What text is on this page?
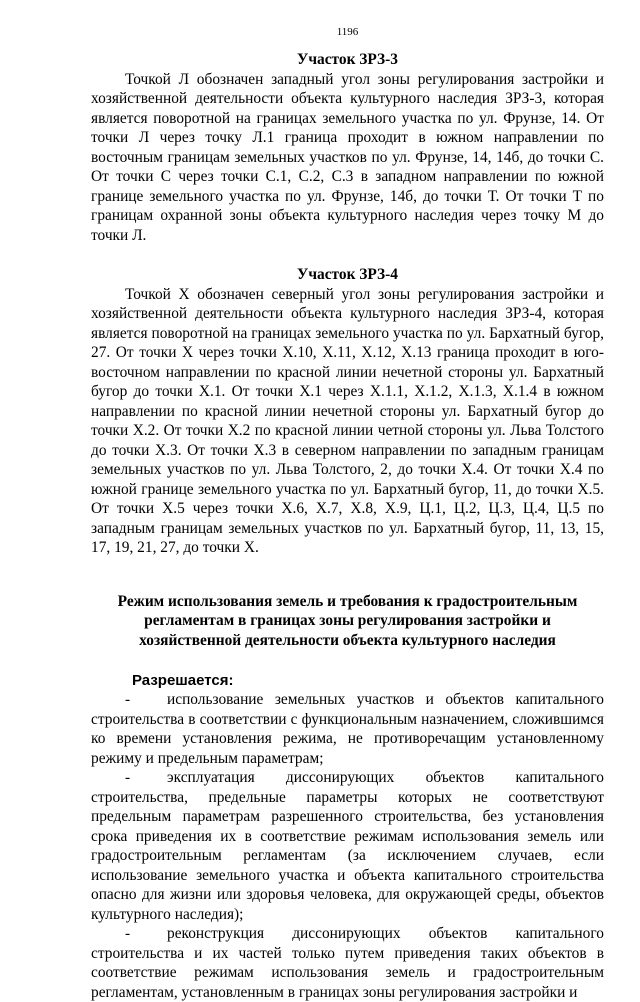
1196
Участок ЗРЗ-3

Точкой Л обозначен западный угол зоны регулирования застройки и хозяйственной деятельности объекта культурного наследия ЗРЗ-3, которая является поворотной на границах земельного участка по ул. Фрунзе, 14. От точки Л через точку Л.1 граница проходит в южном направлении по восточным границам земельных участков по ул. Фрунзе, 14, 14б, до точки С. От точки С через точки С.1, С.2, С.3 в западном направлении по южной границе земельного участка по ул. Фрунзе, 14б, до точки Т. От точки Т по границам охранной зоны объекта культурного наследия через точку М до точки Л.

Участок ЗРЗ-4

Точкой Х обозначен северный угол зоны регулирования застройки и хозяйственной деятельности объекта культурного наследия ЗРЗ-4, которая является поворотной на границах земельного участка по ул. Бархатный бугор, 27. От точки Х через точки Х.10, Х.11, Х.12, Х.13 граница проходит в юго-восточном направлении по красной линии нечетной стороны ул. Бархатный бугор до точки Х.1. От точки Х.1 через Х.1.1, Х.1.2, Х.1.3, Х.1.4 в южном направлении по красной линии нечетной стороны ул. Бархатный бугор до точки Х.2. От точки Х.2 по красной линии четной стороны ул. Льва Толстого до точки Х.3. От точки Х.3 в северном направлении по западным границам земельных участков по ул. Льва Толстого, 2, до точки Х.4. От точки Х.4 по южной границе земельного участка по ул. Бархатный бугор, 11, до точки Х.5. От точки Х.5 через точки Х.6, Х.7, Х.8, Х.9, Ц.1, Ц.2, Ц.3, Ц.4, Ц.5 по западным границам земельных участков по ул. Бархатный бугор, 11, 13, 15, 17, 19, 21, 27, до точки Х.

Режим использования земель и требования к градостроительным регламентам в границах зоны регулирования застройки и хозяйственной деятельности объекта культурного наследия
Разрешается:
-	использование земельных участков и объектов капитального
строительства в соответствии с функциональным назначением, сложившимся ко времени установления режима, не противоречащим установленному режиму и предельным параметрам;
-	эксплуатация диссонирующих объектов капитального
строительства, предельные параметры которых не соответствуют предельным параметрам разрешенного строительства, без установления срока приведения их в соответствие режимам использования земель или градостроительным регламентам (за исключением случаев, если использование земельного участка и объекта капитального строительства опасно для жизни или здоровья человека, для окружающей среды, объектов культурного наследия);
-	реконструкция диссонирующих объектов капитального
строительства и их частей только путем приведения таких объектов в соответствие режимам использования земель и градостроительным регламентам, установленным в границах зоны регулирования застройки и
